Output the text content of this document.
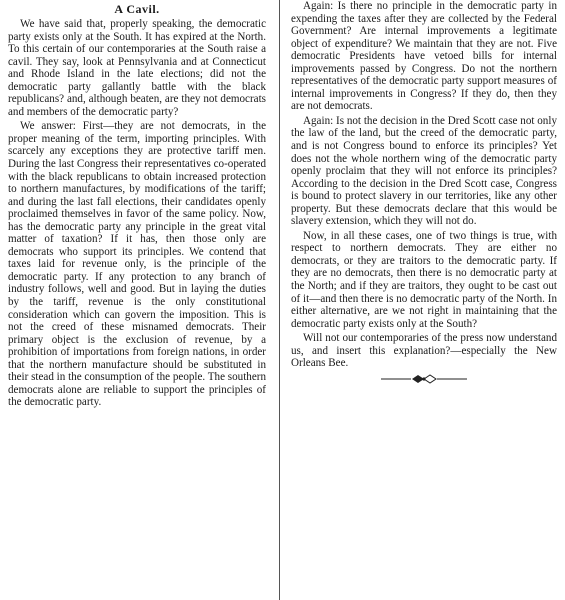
A Cavil.

We have said that, properly speaking, the democratic party exists only at the South. It has expired at the North. To this certain of our contemporaries at the South raise a cavil. They say, look at Pennsylvania and at Connecticut and Rhode Island in the late elections; did not the democratic party gallantly battle with the black republicans? and, although beaten, are they not democrats and members of the democratic party?

We answer: First—they are not democrats, in the proper meaning of the term, importing principles. With scarcely any exceptions they are protective tariff men. During the last Congress their representatives co-operated with the black republicans to obtain increased protection to northern manufactures, by modifications of the tariff; and during the last fall elections, their candidates openly proclaimed themselves in favor of the same policy. Now, has the democratic party any principle in the great vital matter of taxation? If it has, then those only are democrats who support its principles. We contend that taxes laid for revenue only, is the principle of the democratic party. If any protection to any branch of industry follows, well and good. But in laying the duties by the tariff, revenue is the only constitutional consideration which can govern the imposition. This is not the creed of these misnamed democrats. Their primary object is the exclusion of revenue, by a prohibition of importations from foreign nations, in order that the northern manufacture should be substituted in their stead in the consumption of the people. The southern democrats alone are reliable to support the principles of the democratic party.

Again: Is there no principle in the democratic party in expending the taxes after they are collected by the Federal Government? Are internal improvements a legitimate object of expenditure? We maintain that they are not. Five democratic Presidents have vetoed bills for internal improvements passed by Congress. Do not the northern representatives of the democratic party support measures of internal improvements in Congress? If they do, then they are not democrats.

Again: Is not the decision in the Dred Scott case not only the law of the land, but the creed of the democratic party, and is not Congress bound to enforce its principles? Yet does not the whole northern wing of the democratic party openly proclaim that they will not enforce its principles? According to the decision in the Dred Scott case, Congress is bound to protect slavery in our territories, like any other property. But these democrats declare that this would be slavery extension, which they will not do.

Now, in all these cases, one of two things is true, with respect to northern democrats. They are either no democrats, or they are traitors to the democratic party. If they are no democrats, then there is no democratic party at the North; and if they are traitors, they ought to be cast out of it—and then there is no democratic party of the North. In either alternative, are we not right in maintaining that the democratic party exists only at the South?

Will not our contemporaries of the press now understand us, and insert this explanation?—especially the New Orleans Bee.
